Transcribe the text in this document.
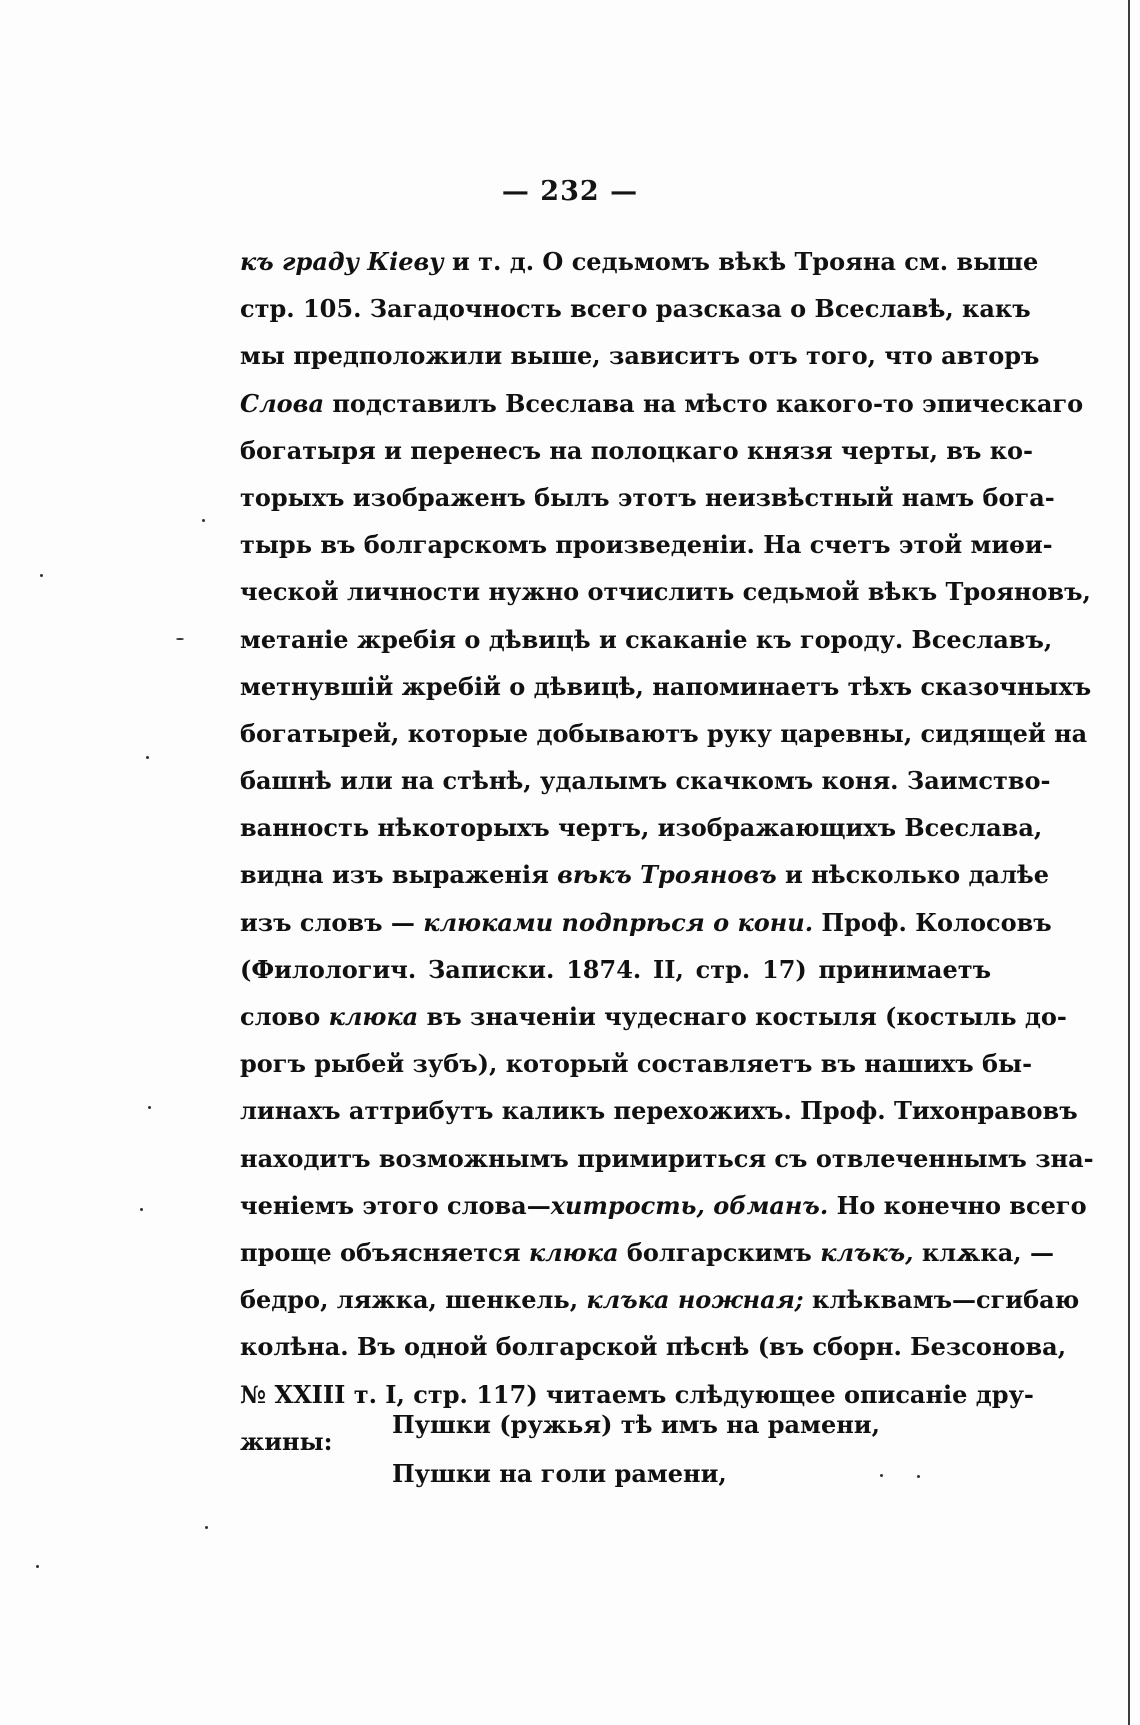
— 232 —
къ граду Кіеву и т. д. О седьмомъ вѣкѣ Трояна см. выше
стр. 105. Загадочность всего разсказа о Всеславѣ, какъ
мы предположили выше, зависитъ отъ того, что авторъ
Слова подставилъ Всеслава на мѣсто какого-то эпическаго
богатыря и перенесъ на полоцкаго князя черты, въ ко-
торыхъ изображенъ былъ этотъ неизвѣстный намъ бога-
тырь въ болгарскомъ произведеніи. На счетъ этой миѳи-
ческой личности нужно отчислить седьмой вѣкъ Трояновъ,
метаніе жребія о дѣвицѣ и скаканіе къ городу. Всеславъ,
метнувшій жребій о дѣвицѣ, напоминаетъ тѣхъ сказочныхъ
богатырей, которые добываютъ руку царевны, сидящей на
башнѣ или на стѣнѣ, удалымъ скачкомъ коня. Заимство-
ванность нѣкоторыхъ чертъ, изображающихъ Всеслава,
видна изъ выраженія вѣкъ Трояновъ и нѣсколько далѣе
изъ словъ — клюками подпрѣся о кони. Проф. Колосовъ
(Филологич. Записки. 1874. II, стр. 17) принимаетъ
слово клюка въ значеніи чудеснаго костыля (костыль до-
рогъ рыбей зубъ), который составляетъ въ нашихъ бы-
линахъ аттрибутъ каликъ перехожихъ. Проф. Тихонравовъ
находитъ возможнымъ примириться съ отвлеченнымъ зна-
ченіемъ этого слова—хитрость, обманъ. Но конечно всего
проще объясняется клюка болгарскимъ клъкъ, клѫка, —
бедро, ляжка, шенкель, клъка ножная; клѣквамъ—сгибаю
колѣна. Въ одной болгарской пѣснѣ (въ сборн. Безсонова,
№ XXIII т. I, стр. 117) читаемъ слѣдующее описаніе дру-
жины:
Пушки (ружья) тѣ имъ на рамени,
Пушки на голи рамени,
